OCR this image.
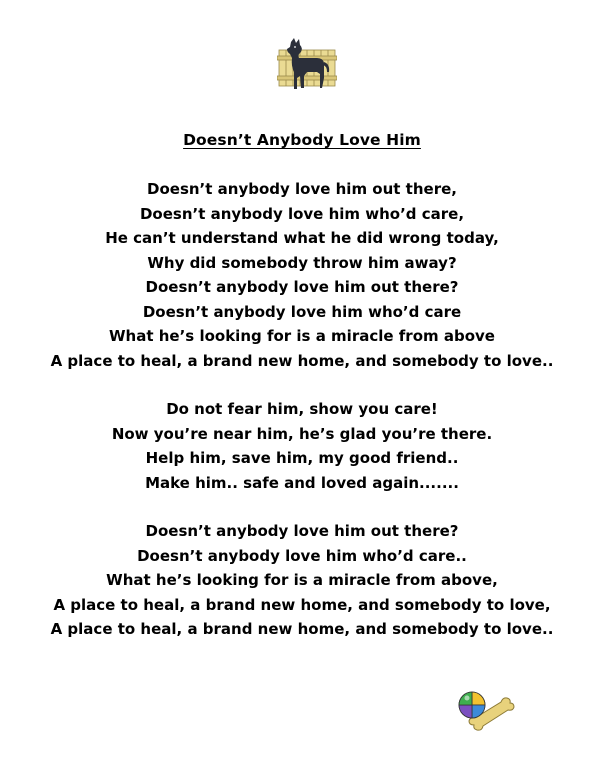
Doesn’t Anybody Love Him
Doesn’t anybody love him out there,
Doesn’t anybody love him who’d care,
He can’t understand what he did wrong today,
Why did somebody throw him away?
Doesn’t anybody love him out there?
Doesn’t anybody love him who’d care
What he’s looking for is a miracle from above
A place to heal, a brand new home, and somebody to love..
Do not fear him, show you care!
Now you’re near him, he’s glad you’re there.
Help him, save him, my good friend..
Make him.. safe and loved again.......
Doesn’t anybody love him out there?
Doesn’t anybody love him who’d care..
What he’s looking for is a miracle from above,
A place to heal, a brand new home, and somebody to love,
A place to heal, a brand new home, and somebody to love..
